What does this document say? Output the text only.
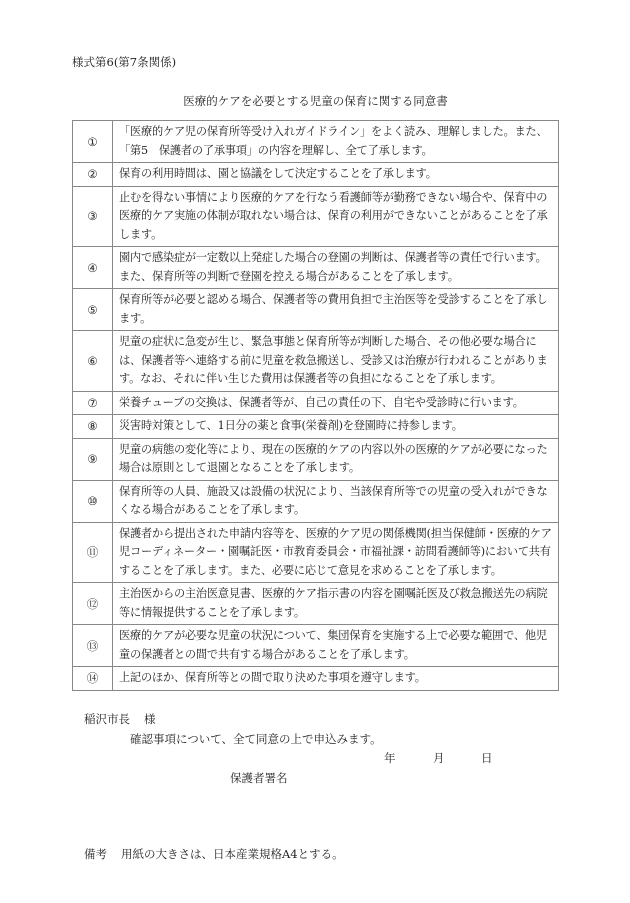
様式第6(第7条関係)
医療的ケアを必要とする児童の保育に関する同意書
①	「医療的ケア児の保育所等受け入れガイドライン」をよく読み、理解しました。また、「第5　保護者の了承事項」の内容を理解し、全て了承します。
②	保育の利用時間は、園と協議をして決定することを了承します。
③	止むを得ない事情により医療的ケアを行なう看護師等が勤務できない場合や、保育中の医療的ケア実施の体制が取れない場合は、保育の利用ができないことがあることを了承します。
④	園内で感染症が一定数以上発症した場合の登園の判断は、保護者等の責任で行います。また、保育所等の判断で登園を控える場合があることを了承します。
⑤	保育所等が必要と認める場合、保護者等の費用負担で主治医等を受診することを了承します。
⑥	児童の症状に急変が生じ、緊急事態と保育所等が判断した場合、その他必要な場合には、保護者等へ連絡する前に児童を救急搬送し、受診又は治療が行われることがあります。なお、それに伴い生じた費用は保護者等の負担になることを了承します。
⑦	栄養チューブの交換は、保護者等が、自己の責任の下、自宅や受診時に行います。
⑧	災害時対策として、1日分の薬と食事(栄養剤)を登園時に持参します。
⑨	児童の病態の変化等により、現在の医療的ケアの内容以外の医療的ケアが必要になった場合は原則として退園となることを了承します。
⑩	保育所等の人員、施設又は設備の状況により、当該保育所等での児童の受入れができなくなる場合があることを了承します。
⑪	保護者から提出された申請内容等を、医療的ケア児の関係機関(担当保健師・医療的ケア児コーディネーター・園嘱託医・市教育委員会・市福祉課・訪問看護師等)において共有することを了承します。また、必要に応じて意見を求めることを了承します。
⑫	主治医からの主治医意見書、医療的ケア指示書の内容を園嘱託医及び救急搬送先の病院等に情報提供することを了承します。
⑬	医療的ケアが必要な児童の状況について、集団保育を実施する上で必要な範囲で、他児童の保護者との間で共有する場合があることを了承します。
⑭	上記のほか、保育所等との間で取り決めた事項を遵守します。
稲沢市長 様
確認事項について、全て同意の上で申込みます。
年	月	日
保護者署名
備考 用紙の大きさは、日本産業規格A4とする。
